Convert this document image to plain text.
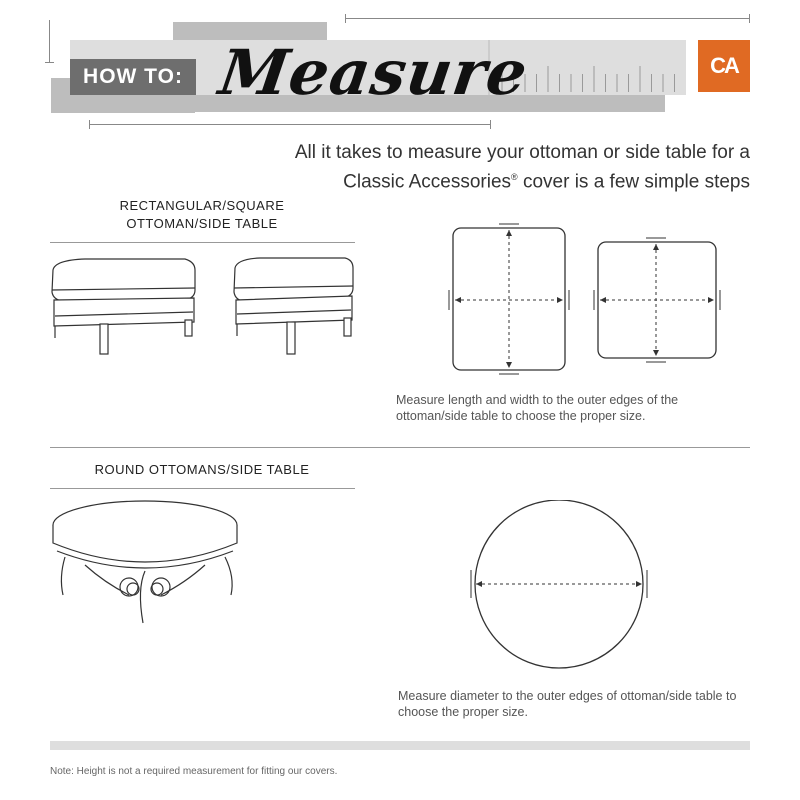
HOW TO: Measure	CA
All it takes to measure your ottoman or side table for a
Classic Accessories® cover is a few simple steps
RECTANGULAR/SQUARE
OTTOMAN/SIDE TABLE
Measure length and width to the outer edges of the ottoman/side table to choose the proper size.
ROUND OTTOMANS/SIDE TABLE
Measure diameter to the outer edges of ottoman/side table to choose the proper size.
Note: Height is not a required measurement for fitting our covers.
